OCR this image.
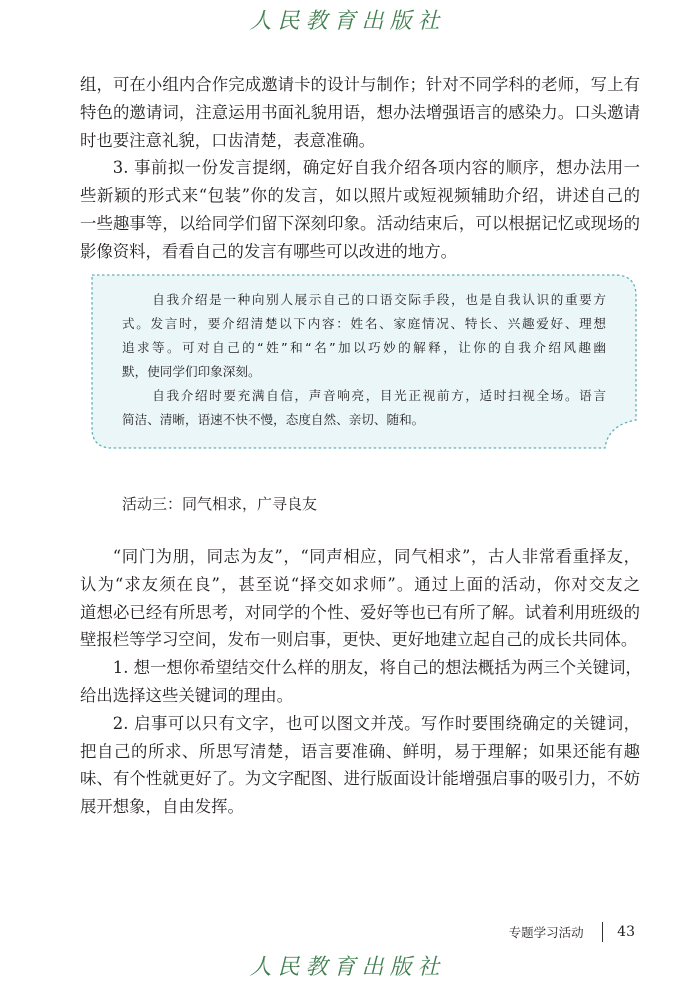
人民教育出版社
组，可在小组内合作完成邀请卡的设计与制作；针对不同学科的老师，写上有
特色的邀请词，注意运用书面礼貌用语，想办法增强语言的感染力。口头邀请
时也要注意礼貌，口齿清楚，表意准确。
3. 事前拟一份发言提纲，确定好自我介绍各项内容的顺序，想办法用一
些新颖的形式来“包装”你的发言，如以照片或短视频辅助介绍，讲述自己的
一些趣事等，以给同学们留下深刻印象。活动结束后，可以根据记忆或现场的
影像资料，看看自己的发言有哪些可以改进的地方。
自我介绍是一种向别人展示自己的口语交际手段，也是自我认识的重要方
式。发言时，要介绍清楚以下内容：姓名、家庭情况、特长、兴趣爱好、理想
追求等。可对自己的“姓”和“名”加以巧妙的解释，让你的自我介绍风趣幽
默，使同学们印象深刻。
自我介绍时要充满自信，声音响亮，目光正视前方，适时扫视全场。语言
简洁、清晰，语速不快不慢，态度自然、亲切、随和。
活动三：同气相求，广寻良友
“同门为朋，同志为友”，“同声相应，同气相求”，古人非常看重择友，
认为“求友须在良”，甚至说“择交如求师”。通过上面的活动，你对交友之
道想必已经有所思考，对同学的个性、爱好等也已有所了解。试着利用班级的
壁报栏等学习空间，发布一则启事，更快、更好地建立起自己的成长共同体。
1. 想一想你希望结交什么样的朋友，将自己的想法概括为两三个关键词，
给出选择这些关键词的理由。
2. 启事可以只有文字，也可以图文并茂。写作时要围绕确定的关键词，
把自己的所求、所思写清楚，语言要准确、鲜明，易于理解；如果还能有趣
味、有个性就更好了。为文字配图、进行版面设计能增强启事的吸引力，不妨
展开想象，自由发挥。
专题学习活动 43
人民教育出版社
